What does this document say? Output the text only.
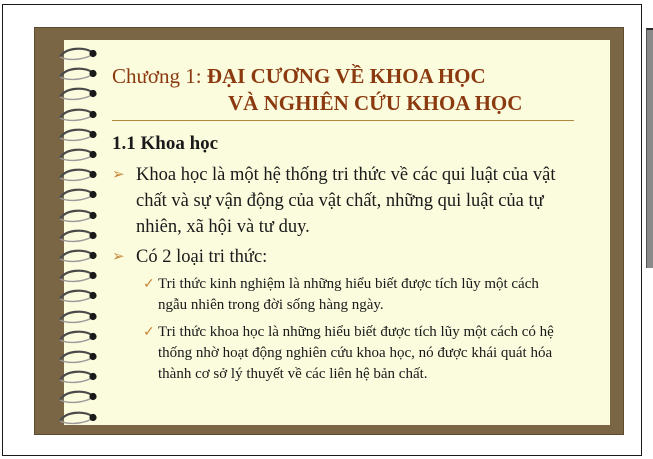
Chương 1: ĐẠI CƯƠNG VỀ KHOA HỌC
VÀ NGHIÊN CỨU KHOA HỌC
1.1 Khoa học
➢ Khoa học là một hệ thống tri thức về các qui luật của vật chất và sự vận động của vật chất, những qui luật của tự nhiên, xã hội và tư duy.
➢ Có 2 loại tri thức:
✓ Tri thức kinh nghiệm là những hiểu biết được tích lũy một cách ngẫu nhiên trong đời sống hàng ngày.
✓ Tri thức khoa học là những hiểu biết được tích lũy một cách có hệ thống nhờ hoạt động nghiên cứu khoa học, nó được khái quát hóa thành cơ sở lý thuyết về các liên hệ bản chất.
